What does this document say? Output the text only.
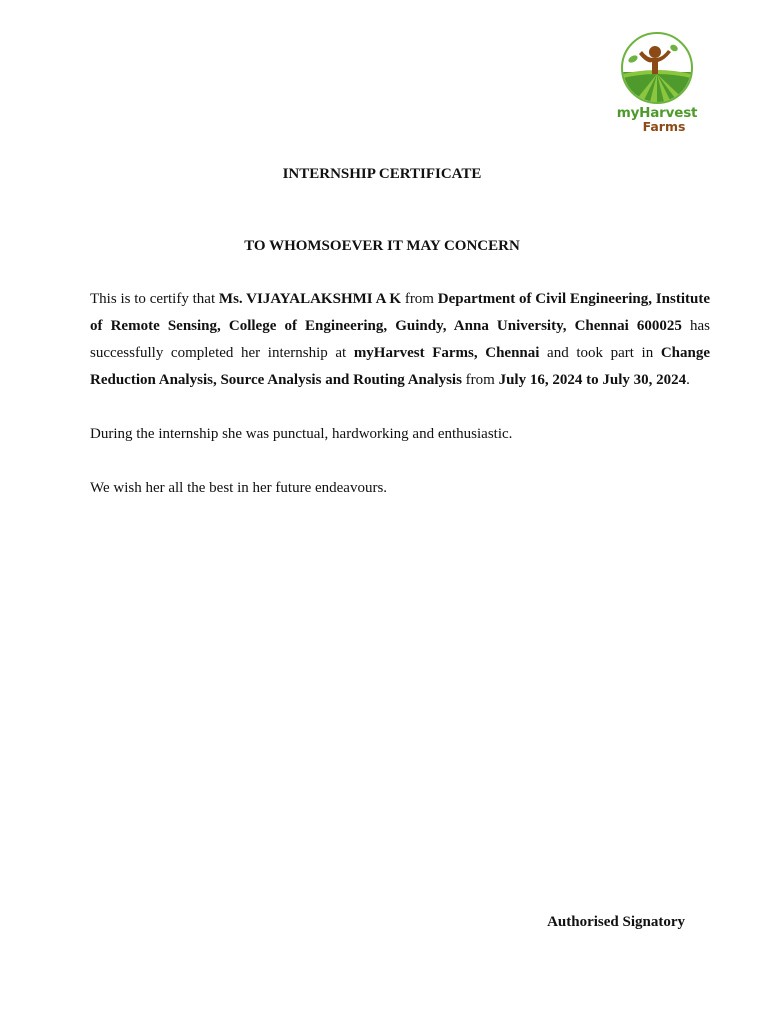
myHarvest
Farms
INTERNSHIP CERTIFICATE
TO WHOMSOEVER IT MAY CONCERN

This is to certify that Ms. VIJAYALAKSHMI A K from Department of Civil Engineering, Institute of Remote Sensing, College of Engineering, Guindy, Anna University, Chennai 600025 has successfully completed her internship at myHarvest Farms, Chennai and took part in Change Reduction Analysis, Source Analysis and Routing Analysis from July 16, 2024 to July 30, 2024.

During the internship she was punctual, hardworking and enthusiastic.

We wish her all the best in her future endeavours.

Authorised Signatory
